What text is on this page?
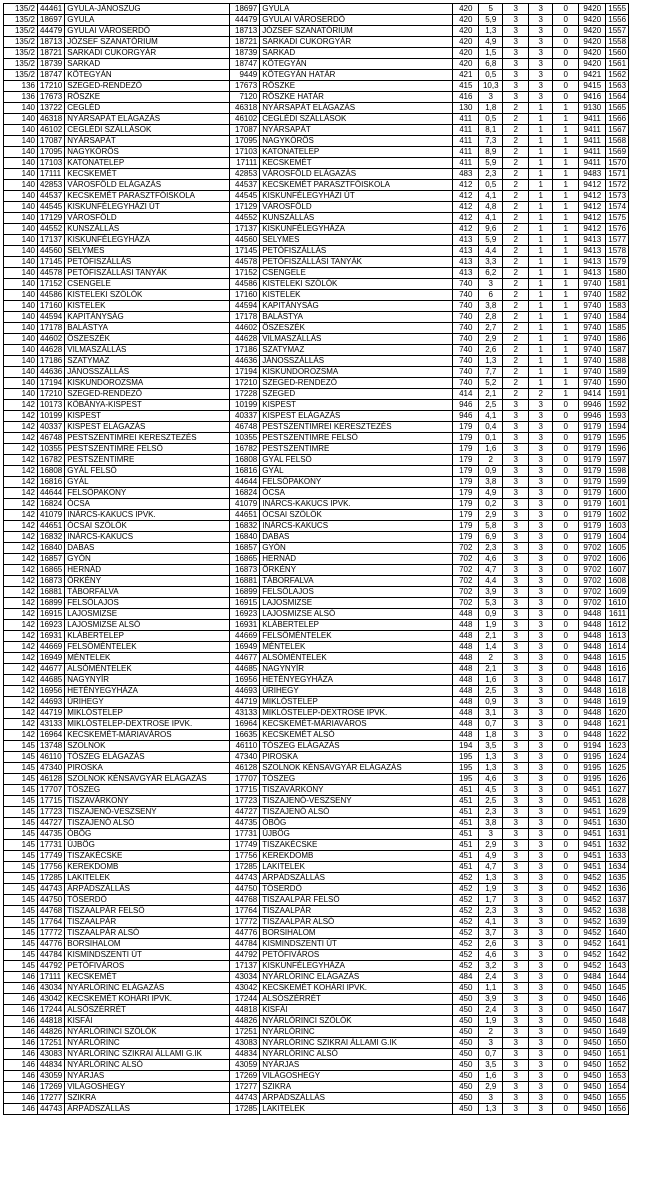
135/2	44461	GYULA-JÁNOSZUG	18697	GYULA	420	5	3	3	0	9420	1555
135/2	18697	GYULA	44479	GYULAI VÁROSERDŐ	420	5,9	3	3	0	9420	1556
135/2	44479	GYULAI VÁROSERDŐ	18713	JÓZSEF SZANATÓRIUM	420	1,3	3	3	0	9420	1557
135/2	18713	JÓZSEF SZANATÓRIUM	18721	SARKADI CUKORGYÁR	420	4,9	3	3	0	9420	1558
135/2	18721	SARKADI CUKORGYÁR	18739	SARKAD	420	1,5	3	3	0	9420	1560
135/2	18739	SARKAD	18747	KÖTEGYÁN	420	6,8	3	3	0	9420	1561
135/2	18747	KÖTEGYÁN	9449	KÖTEGYÁN HATÁR	421	0,5	3	3	0	9421	1562
136	17210	SZEGED-RENDEZŐ	17673	RÖSZKE	415	10,3	3	3	0	9415	1563
136	17673	RÖSZKE	7120	RÖSZKE HATÁR	416	3	3	3	0	9416	1564
140	13722	CEGLÉD	46318	NYÁRSAPÁT ELÁGAZÁS	130	1,8	2	1	1	9130	1565
140	46318	NYÁRSAPÁT ELÁGAZÁS	46102	CEGLÉDI SZÁLLÁSOK	411	0,5	2	1	1	9411	1566
140	46102	CEGLÉDI SZÁLLÁSOK	17087	NYÁRSAPÁT	411	8,1	2	1	1	9411	1567
140	17087	NYÁRSAPÁT	17095	NAGYKŐRÖS	411	7,3	2	1	1	9411	1568
140	17095	NAGYKŐRÖS	17103	KATONATELEP	411	8,9	2	1	1	9411	1569
140	17103	KATONATELEP	17111	KECSKEMÉT	411	5,9	2	1	1	9411	1570
140	17111	KECSKEMÉT	42853	VÁROSFÖLD ELÁGAZÁS	483	2,3	2	1	1	9483	1571
140	42853	VÁROSFÖLD ELÁGAZÁS	44537	KECSKEMÉT PARASZTFŐISKOLA	412	0,5	2	1	1	9412	1572
140	44537	KECSKEMÉT PARASZTFŐISKOLA	44545	KISKUNFÉLEGYHÁZI ÚT	412	4,1	2	1	1	9412	1573
140	44545	KISKUNFÉLEGYHÁZI ÚT	17129	VÁROSFÖLD	412	4,8	2	1	1	9412	1574
140	17129	VÁROSFÖLD	44552	KUNSZÁLLÁS	412	4,1	2	1	1	9412	1575
140	44552	KUNSZÁLLÁS	17137	KISKUNFÉLEGYHÁZA	412	9,6	2	1	1	9412	1576
140	17137	KISKUNFÉLEGYHÁZA	44560	SELYMES	413	5,9	2	1	1	9413	1577
140	44560	SELYMES	17145	PETŐFISZÁLLÁS	413	4,4	2	1	1	9413	1578
140	17145	PETŐFISZÁLLÁS	44578	PETŐFISZÁLLÁSI TANYÁK	413	3,3	2	1	1	9413	1579
140	44578	PETŐFISZÁLLÁSI TANYÁK	17152	CSENGELE	413	6,2	2	1	1	9413	1580
140	17152	CSENGELE	44586	KISTELEKI SZŐLŐK	740	3	2	1	1	9740	1581
140	44586	KISTELEKI SZŐLŐK	17160	KISTELEK	740	6	2	1	1	9740	1582
140	17160	KISTELEK	44594	KAPITÁNYSÁG	740	3,8	2	1	1	9740	1583
140	44594	KAPITÁNYSÁG	17178	BALÁSTYA	740	2,8	2	1	1	9740	1584
140	17178	BALÁSTYA	44602	ÖSZESZÉK	740	2,7	2	1	1	9740	1585
140	44602	ÖSZESZÉK	44628	VILMASZÁLLÁS	740	2,9	2	1	1	9740	1586
140	44628	VILMASZÁLLÁS	17186	SZATYMAZ	740	2,6	2	1	1	9740	1587
140	17186	SZATYMAZ	44636	JÁNOSSZÁLLÁS	740	1,3	2	1	1	9740	1588
140	44636	JÁNOSSZÁLLÁS	17194	KISKUNDOROZSMA	740	7,7	2	1	1	9740	1589
140	17194	KISKUNDOROZSMA	17210	SZEGED-RENDEZŐ	740	5,2	2	1	1	9740	1590
140	17210	SZEGED-RENDEZŐ	17228	SZEGED	414	2,1	2	2	1	9414	1591
142	10173	KŐBÁNYA-KISPEST	10199	KISPEST	946	2,5	3	3	0	9946	1592
142	10199	KISPEST	40337	KISPEST ELÁGAZÁS	946	4,1	3	3	0	9946	1593
142	40337	KISPEST ELÁGAZÁS	46748	PESTSZENTIMREI KERESZTEZÉS	179	0,4	3	3	0	9179	1594
142	46748	PESTSZENTIMREI KERESZTEZÉS	10355	PESTSZENTIMRE FELSŐ	179	0,1	3	3	0	9179	1595
142	10355	PESTSZENTIMRE FELSŐ	16782	PESTSZENTIMRE	179	1,6	3	3	0	9179	1596
142	16782	PESTSZENTIMRE	16808	GYÁL FELSŐ	179	2	3	3	0	9179	1597
142	16808	GYÁL FELSŐ	16816	GYÁL	179	0,9	3	3	0	9179	1598
142	16816	GYÁL	44644	FELSŐPAKONY	179	3,8	3	3	0	9179	1599
142	44644	FELSŐPAKONY	16824	ÓCSA	179	4,9	3	3	0	9179	1600
142	16824	ÓCSA	41079	INÁRCS-KAKUCS IPVK.	179	0,2	3	3	0	9179	1601
142	41079	INÁRCS-KAKUCS IPVK.	44651	ÓCSAI SZŐLŐK	179	2,9	3	3	0	9179	1602
142	44651	ÓCSAI SZŐLŐK	16832	INÁRCS-KAKUCS	179	5,8	3	3	0	9179	1603
142	16832	INÁRCS-KAKUCS	16840	DABAS	179	6,9	3	3	0	9179	1604
142	16840	DABAS	16857	GYÓN	702	2,3	3	3	0	9702	1605
142	16857	GYÓN	16865	HERNÁD	702	4,6	3	3	0	9702	1606
142	16865	HERNÁD	16873	ÖRKÉNY	702	4,7	3	3	0	9702	1607
142	16873	ÖRKÉNY	16881	TÁBORFALVA	702	4,4	3	3	0	9702	1608
142	16881	TÁBORFALVA	16899	FELSŐLAJOS	702	3,9	3	3	0	9702	1609
142	16899	FELSŐLAJOS	16915	LAJOSMIZSE	702	5,3	3	3	0	9702	1610
142	16915	LAJOSMIZSE	16923	LAJOSMIZSE ALSÓ	448	0,9	3	3	0	9448	1611
142	16923	LAJOSMIZSE ALSÓ	16931	KLÁBERTELEP	448	1,9	3	3	0	9448	1612
142	16931	KLÁBERTELEP	44669	FELSŐMÉNTELEK	448	2,1	3	3	0	9448	1613
142	44669	FELSŐMÉNTELEK	16949	MÉNTELEK	448	1,4	3	3	0	9448	1614
142	16949	MÉNTELEK	44677	ALSÓMÉNTELEK	448	2	3	3	0	9448	1615
142	44677	ALSÓMÉNTELEK	44685	NAGYNYÍR	448	2,1	3	3	0	9448	1616
142	44685	NAGYNYÍR	16956	HETÉNYEGYHÁZA	448	1,6	3	3	0	9448	1617
142	16956	HETÉNYEGYHÁZA	44693	ÚRIHEGY	448	2,5	3	3	0	9448	1618
142	44693	ÚRIHEGY	44719	MIKLÓSTELEP	448	0,9	3	3	0	9448	1619
142	44719	MIKLÓSTELEP	43133	MIKLÓSTELEP-DEXTROSE IPVK.	448	3,1	3	3	0	9448	1620
142	43133	MIKLÓSTELEP-DEXTROSE IPVK.	16964	KECSKEMÉT-MÁRIAVÁROS	448	0,7	3	3	0	9448	1621
142	16964	KECSKEMÉT-MÁRIAVÁROS	16635	KECSKEMÉT ALSÓ	448	1,8	3	3	0	9448	1622
145	13748	SZOLNOK	46110	TÓSZEG ELÁGAZÁS	194	3,5	3	3	0	9194	1623
145	46110	TÓSZEG ELÁGAZÁS	47340	PIROSKA	195	1,3	3	3	0	9195	1624
145	47340	PIROSKA	46128	SZOLNOK KÉNSAVGYÁR ELÁGAZÁS	195	1,3	3	3	0	9195	1625
145	46128	SZOLNOK KÉNSAVGYÁR ELÁGAZÁS	17707	TÓSZEG	195	4,6	3	3	0	9195	1626
145	17707	TÓSZEG	17715	TISZAVÁRKONY	451	4,5	3	3	0	9451	1627
145	17715	TISZAVÁRKONY	17723	TISZAJENŐ-VESZSENY	451	2,5	3	3	0	9451	1628
145	17723	TISZAJENŐ-VESZSENY	44727	TISZAJENŐ ALSÓ	451	2,3	3	3	0	9451	1629
145	44727	TISZAJENŐ ALSÓ	44735	ÓBÖG	451	3,8	3	3	0	9451	1630
145	44735	ÓBÖG	17731	ÚJBÖG	451	3	3	3	0	9451	1631
145	17731	ÚJBÖG	17749	TISZAKÉCSKE	451	2,9	3	3	0	9451	1632
145	17749	TISZAKÉCSKE	17756	KEREKDOMB	451	4,9	3	3	0	9451	1633
145	17756	KEREKDOMB	17285	LAKITELEK	451	4,7	3	3	0	9451	1634
145	17285	LAKITELEK	44743	ÁRPÁDSZÁLLÁS	452	1,3	3	3	0	9452	1635
145	44743	ÁRPÁDSZÁLLÁS	44750	TŐSERDŐ	452	1,9	3	3	0	9452	1636
145	44750	TŐSERDŐ	44768	TISZAALPÁR FELSŐ	452	1,7	3	3	0	9452	1637
145	44768	TISZAALPÁR FELSŐ	17764	TISZAALPÁR	452	2,3	3	3	0	9452	1638
145	17764	TISZAALPÁR	17772	TISZAALPÁR ALSÓ	452	4,1	3	3	0	9452	1639
145	17772	TISZAALPÁR ALSÓ	44776	BORSIHALOM	452	3,7	3	3	0	9452	1640
145	44776	BORSIHALOM	44784	KISMINDSZENTI ÚT	452	2,6	3	3	0	9452	1641
145	44784	KISMINDSZENTI ÚT	44792	PETŐFIVÁROS	452	4,6	3	3	0	9452	1642
145	44792	PETŐFIVÁROS	17137	KISKUNFÉLEGYHÁZA	452	3,2	3	3	0	9452	1643
146	17111	KECSKEMÉT	43034	NYÁRLŐRINC ELÁGAZÁS	484	2,4	3	3	0	9484	1644
146	43034	NYÁRLŐRINC ELÁGAZÁS	43042	KECSKEMÉT KOHÁRI IPVK.	450	1,1	3	3	0	9450	1645
146	43042	KECSKEMÉT KOHÁRI IPVK.	17244	ALSÓSZÉRRÉT	450	3,9	3	3	0	9450	1646
146	17244	ALSÓSZÉRRÉT	44818	KISFÁI	450	2,4	3	3	0	9450	1647
146	44818	KISFÁI	44826	NYÁRLŐRINCI SZŐLŐK	450	1,9	3	3	0	9450	1648
146	44826	NYÁRLŐRINCI SZŐLŐK	17251	NYÁRLŐRINC	450	2	3	3	0	9450	1649
146	17251	NYÁRLŐRINC	43083	NYÁRLŐRINC SZIKRAI ÁLLAMI G.IK	450	3	3	3	0	9450	1650
146	43083	NYÁRLŐRINC SZIKRAI ÁLLAMI G.IK	44834	NYÁRLŐRINC ALSÓ	450	0,7	3	3	0	9450	1651
146	44834	NYÁRLŐRINC ALSÓ	43059	NYÁRJAS	450	3,5	3	3	0	9450	1652
146	43059	NYÁRJAS	17269	VILÁGOSHEGY	450	1,6	3	3	0	9450	1653
146	17269	VILÁGOSHEGY	17277	SZIKRA	450	2,9	3	3	0	9450	1654
146	17277	SZIKRA	44743	ÁRPÁDSZÁLLÁS	450	3	3	3	0	9450	1655
146	44743	ÁRPÁDSZÁLLÁS	17285	LAKITELEK	450	1,3	3	3	0	9450	1656
